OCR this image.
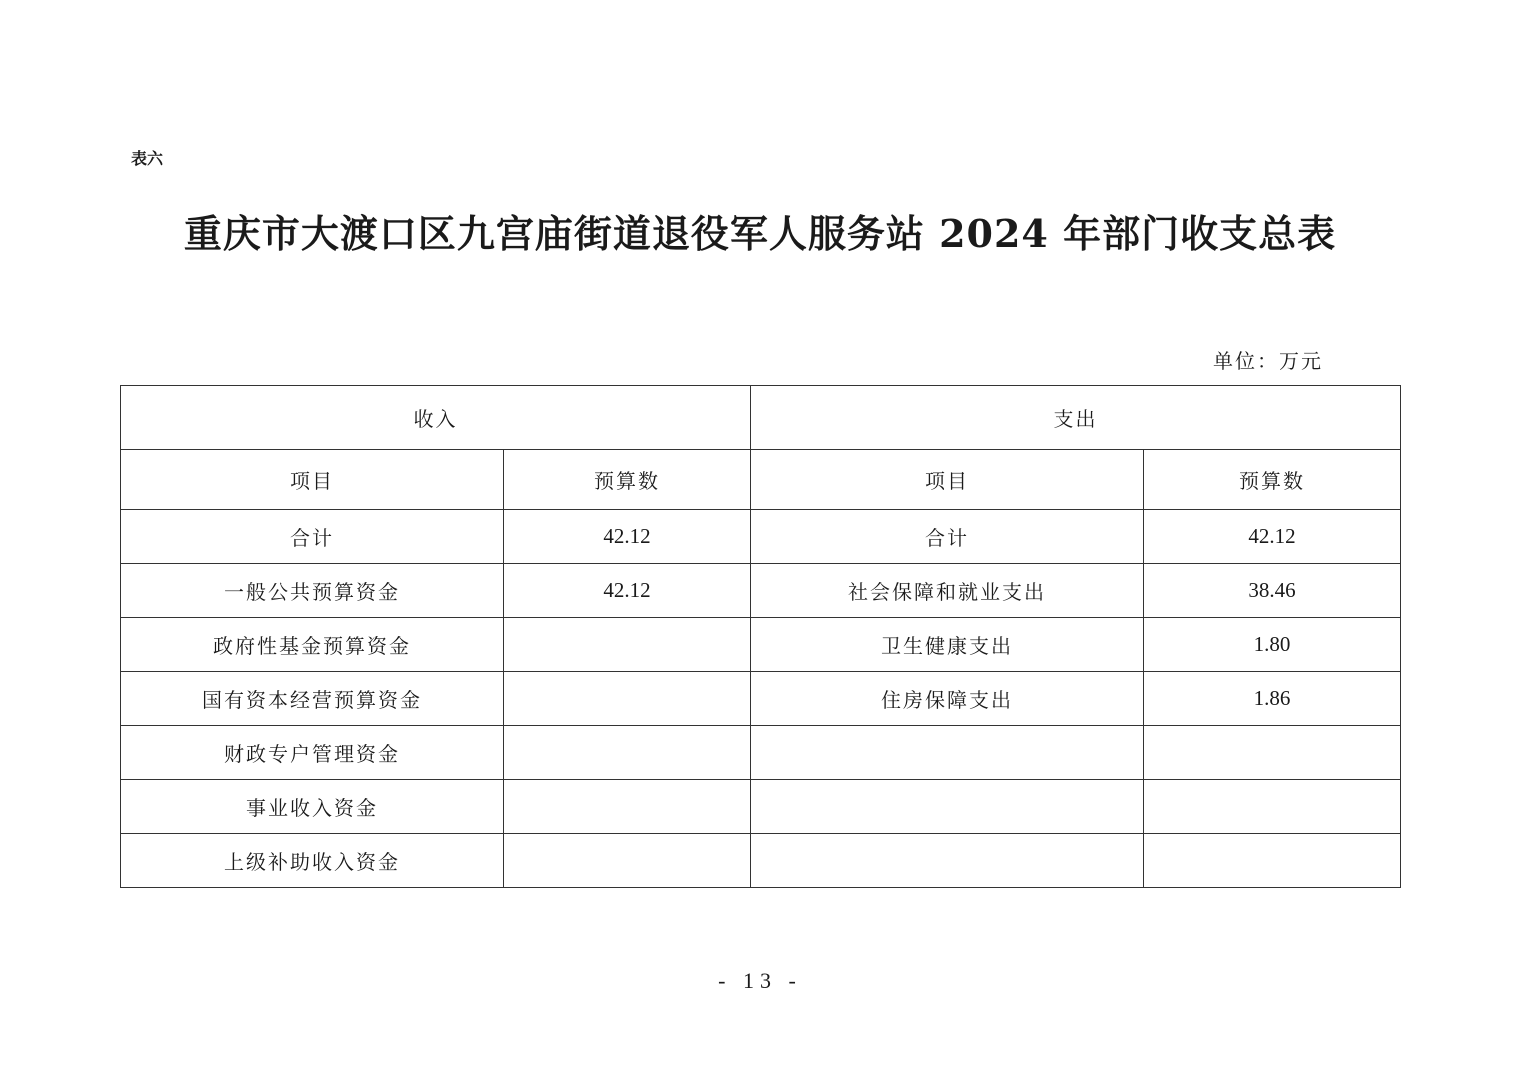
表六
重庆市大渡口区九宫庙街道退役军人服务站 2024 年部门收支总表
单位：万元
收入		支出	
项目	预算数	项目	预算数
合计	42.12	合计	42.12
一般公共预算资金	42.12	社会保障和就业支出	38.46
政府性基金预算资金		卫生健康支出	1.80
国有资本经营预算资金		住房保障支出	1.86
财政专户管理资金			
事业收入资金			
上级补助收入资金			
- 13 -
